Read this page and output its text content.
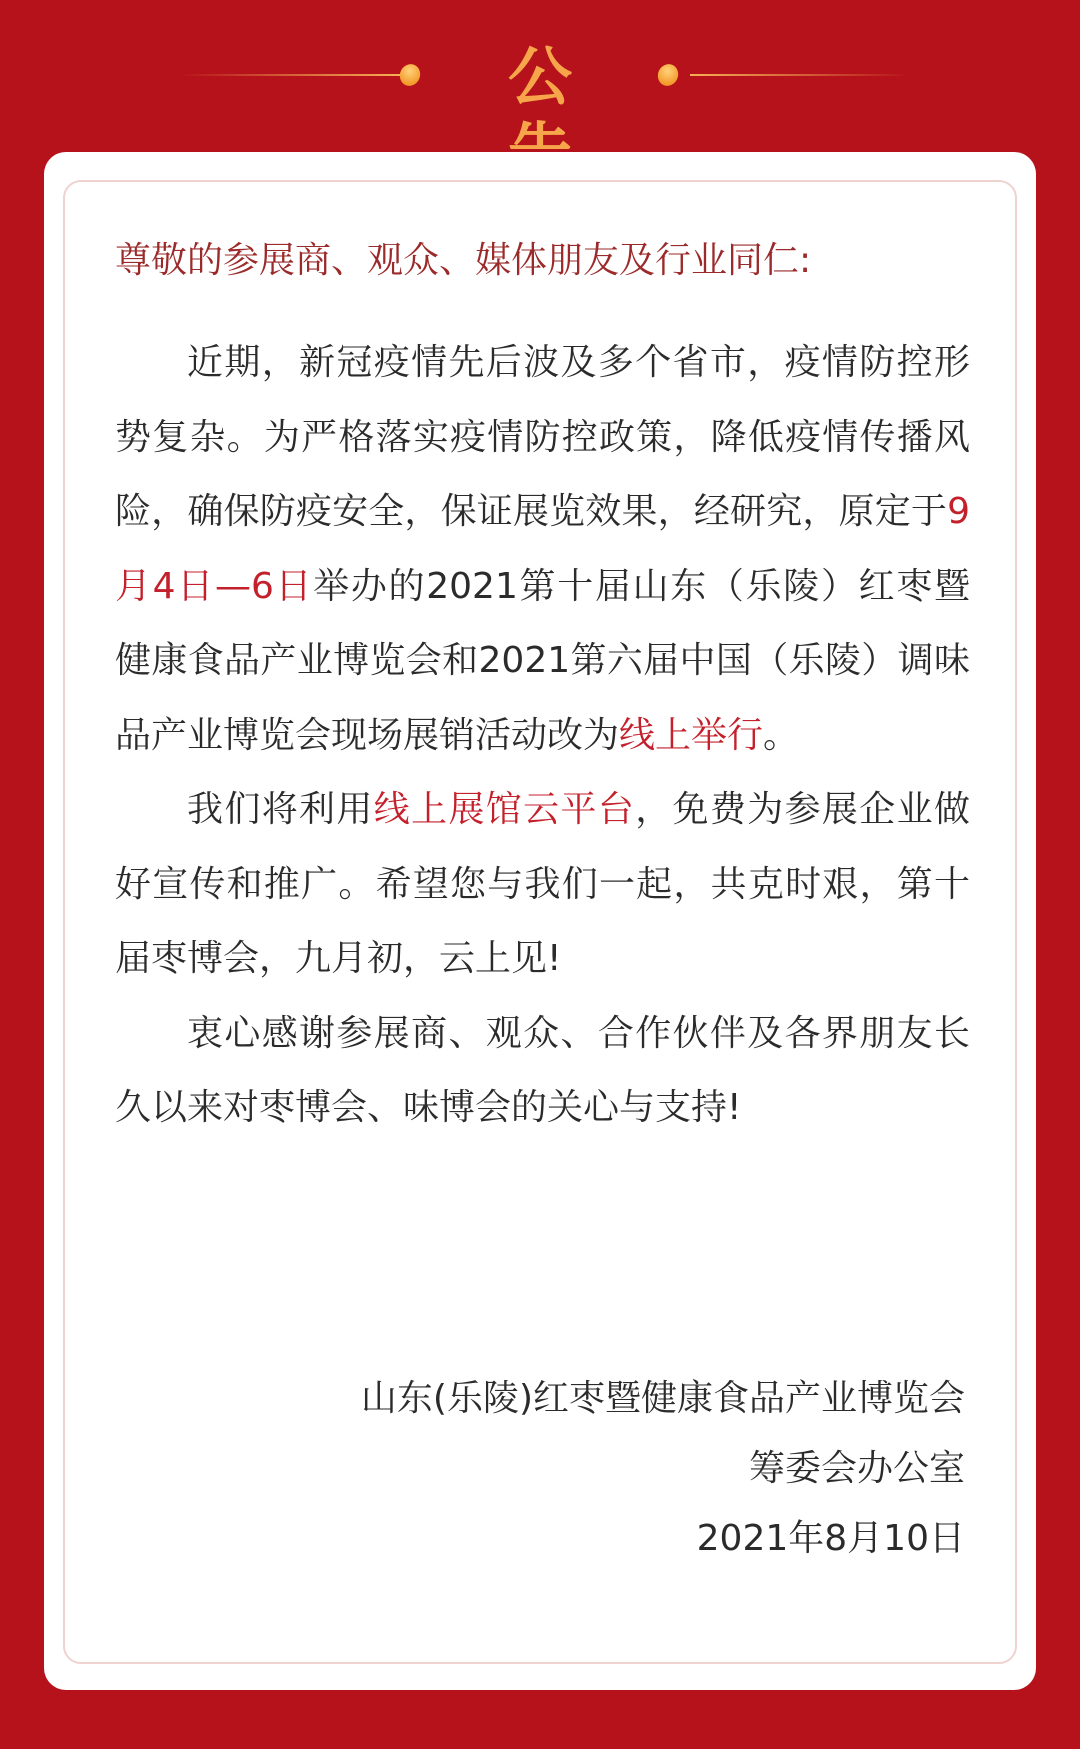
公
尊敬的参展商、观众、媒体朋友及行业同仁:

近期，新冠疫情先后波及多个省市，疫情防控形势复杂。为严格落实疫情防控政策，降低疫情传播风险，确保防疫安全，保证展览效果，经研究，原定于9月4日—6日举办的2021第十届山东（乐陵）红枣暨健康食品产业博览会和2021第六届中国（乐陵）调味品产业博览会现场展销活动改为线上举行。

我们将利用线上展馆云平台，免费为参展企业做好宣传和推广。希望您与我们一起，共克时艰，第十届枣博会，九月初，云上见!

衷心感谢参展商、观众、合作伙伴及各界朋友长久以来对枣博会、味博会的关心与支持!

山东(乐陵)红枣暨健康食品产业博览会
筹委会办公室
2021年8月10日
